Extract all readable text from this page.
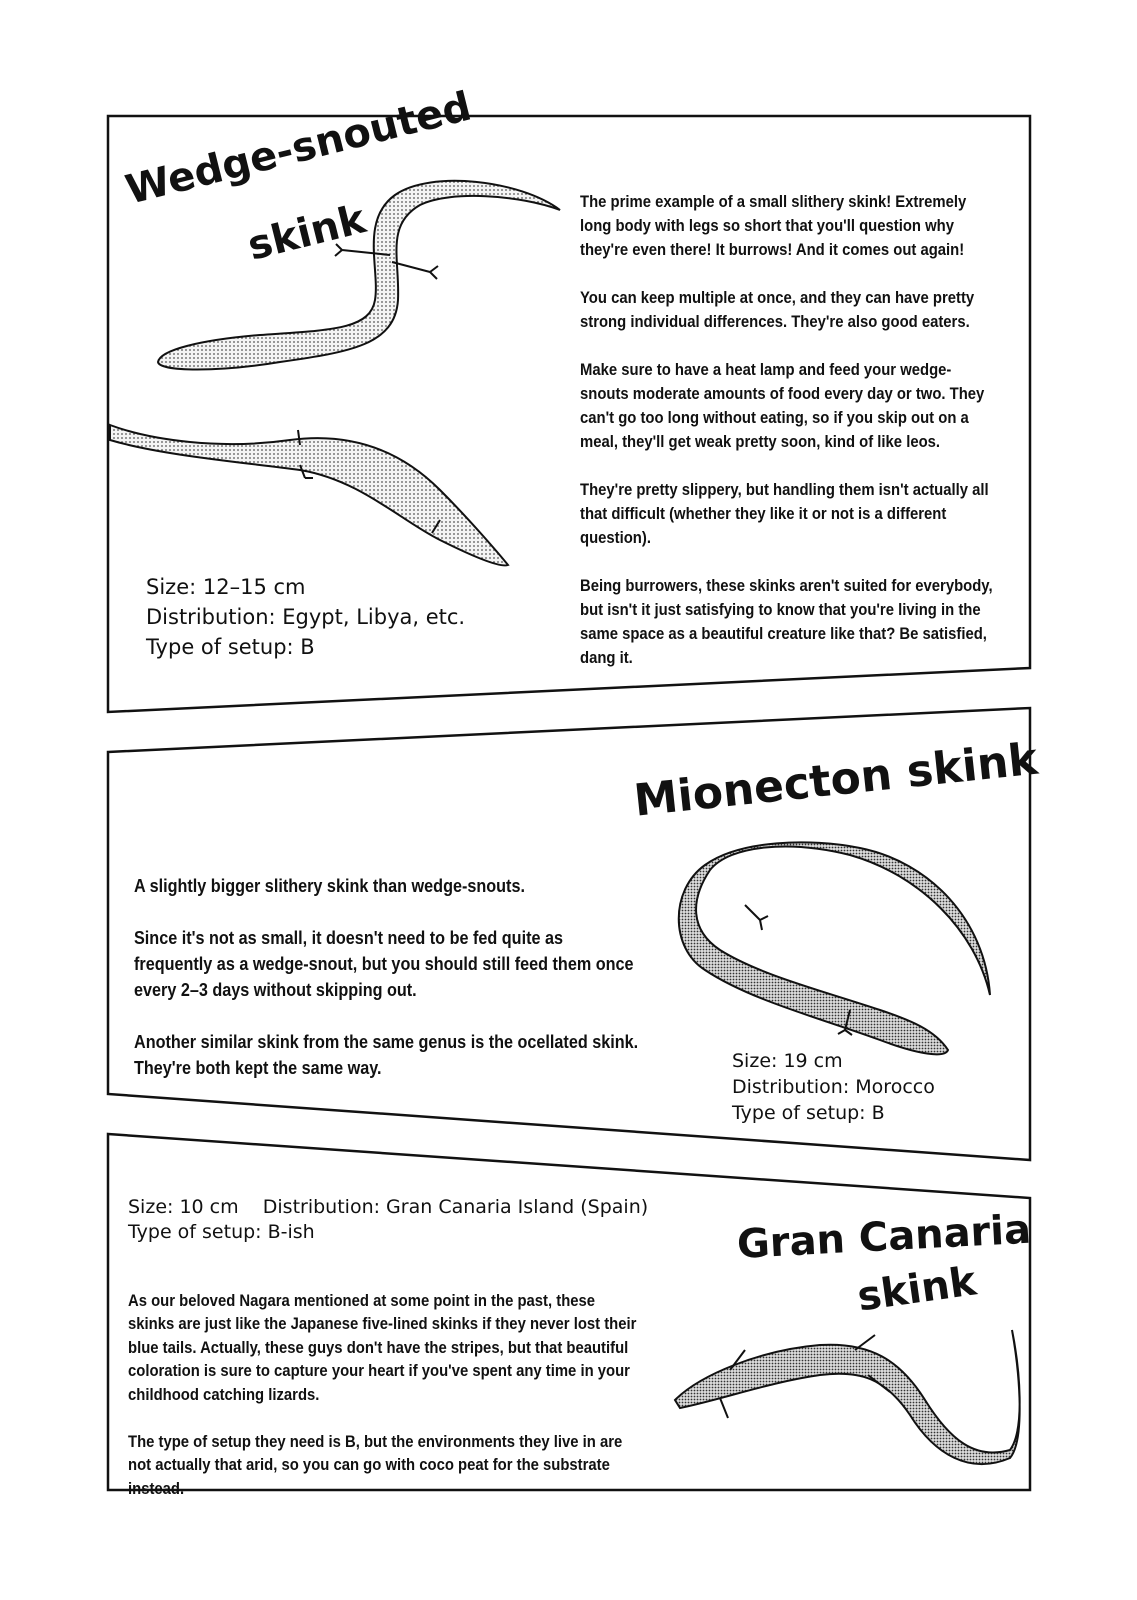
Wedge-snouted
skink	The prime example of a small slithery skink! Extremely long body with legs so short that you'll question why they're even there! It burrows! And it comes out again!

You can keep multiple at once, and they can have pretty strong individual differences. They're also good eaters.

Make sure to have a heat lamp and feed your wedge-snouts moderate amounts of food every day or two. They can't go too long without eating, so if you skip out on a meal, they'll get weak pretty soon, kind of like leos.

They're pretty slippery, but handling them isn't actually all that difficult (whether they like it or not is a different question).

Being burrowers, these skinks aren't suited for everybody, but isn't it just satisfying to know that you're living in the same space as a beautiful creature like that? Be satisfied, dang it.

Size: 12–15 cm
Distribution: Egypt, Libya, etc.
Type of setup: B
Mionecton skink

A slightly bigger slithery skink than wedge-snouts.

Since it's not as small, it doesn't need to be fed quite as frequently as a wedge-snout, but you should still feed them once every 2–3 days without skipping out.

Another similar skink from the same genus is the ocellated skink. They're both kept the same way.	Size: 19 cm
Distribution: Morocco
Type of setup: B
Gran Canaria
skink
Size: 10 cm    Distribution: Gran Canaria Island (Spain)
Type of setup: B-ish

As our beloved Nagara mentioned at some point in the past, these skinks are just like the Japanese five-lined skinks if they never lost their blue tails. Actually, these guys don't have the stripes, but that beautiful coloration is sure to capture your heart if you've spent any time in your childhood catching lizards.

The type of setup they need is B, but the environments they live in are not actually that arid, so you can go with coco peat for the substrate instead.
